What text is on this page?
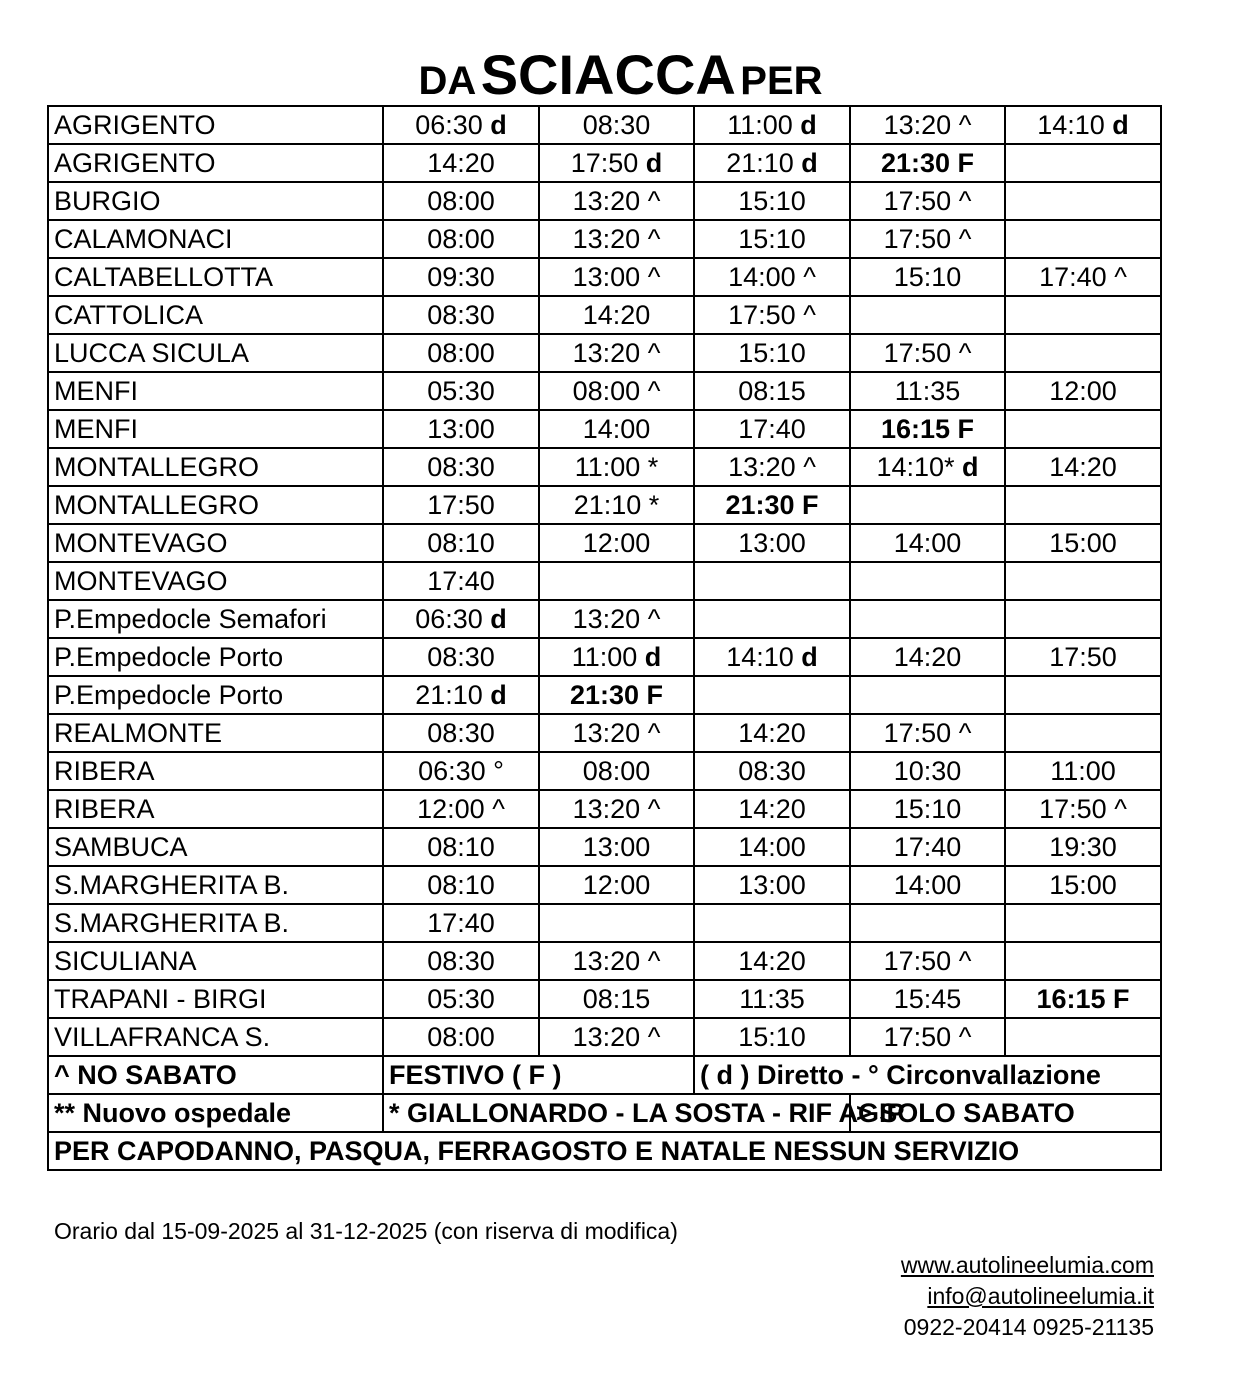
DA SCIACCA PER
AGRIGENTO	06:30 d	08:30	11:00 d	13:20 ^	14:10 d
AGRIGENTO	14:20	17:50 d	21:10 d	21:30 F	
BURGIO	08:00	13:20 ^	15:10	17:50 ^	
CALAMONACI	08:00	13:20 ^	15:10	17:50 ^	
CALTABELLOTTA	09:30	13:00 ^	14:00 ^	15:10	17:40 ^
CATTOLICA	08:30	14:20	17:50 ^		
LUCCA SICULA	08:00	13:20 ^	15:10	17:50 ^	
MENFI	05:30	08:00 ^	08:15	11:35	12:00
MENFI	13:00	14:00	17:40	16:15 F	
MONTALLEGRO	08:30	11:00 *	13:20 ^	14:10* d	14:20
MONTALLEGRO	17:50	21:10 *	21:30 F		
MONTEVAGO	08:10	12:00	13:00	14:00	15:00
MONTEVAGO	17:40				
P.Empedocle Semafori	06:30 d	13:20 ^			
P.Empedocle Porto	08:30	11:00 d	14:10 d	14:20	17:50
P.Empedocle Porto	21:10 d	21:30 F			
REALMONTE	08:30	13:20 ^	14:20	17:50 ^	
RIBERA	06:30 °	08:00	08:30	10:30	11:00
RIBERA	12:00 ^	13:20 ^	14:20	15:10	17:50 ^
SAMBUCA	08:10	13:00	14:00	17:40	19:30
S.MARGHERITA B.	08:10	12:00	13:00	14:00	15:00
S.MARGHERITA B.	17:40				
SICULIANA	08:30	13:20 ^	14:20	17:50 ^	
TRAPANI - BIRGI	05:30	08:15	11:35	15:45	16:15 F
VILLAFRANCA S.	08:00	13:20 ^	15:10	17:50 ^	
^ NO SABATO	FESTIVO ( F )		( d ) Diretto - ° Circonvallazione		
** Nuovo ospedale	* GIALLONARDO - LA SOSTA - RIF AGIP			> SOLO SABATO	
PER CAPODANNO, PASQUA, FERRAGOSTO E NATALE NESSUN SERVIZIO					
Orario dal 15-09-2025 al 31-12-2025 (con riserva di modifica)
www.autolineelumia.com
info@autolineelumia.it
0922-20414 0925-21135
